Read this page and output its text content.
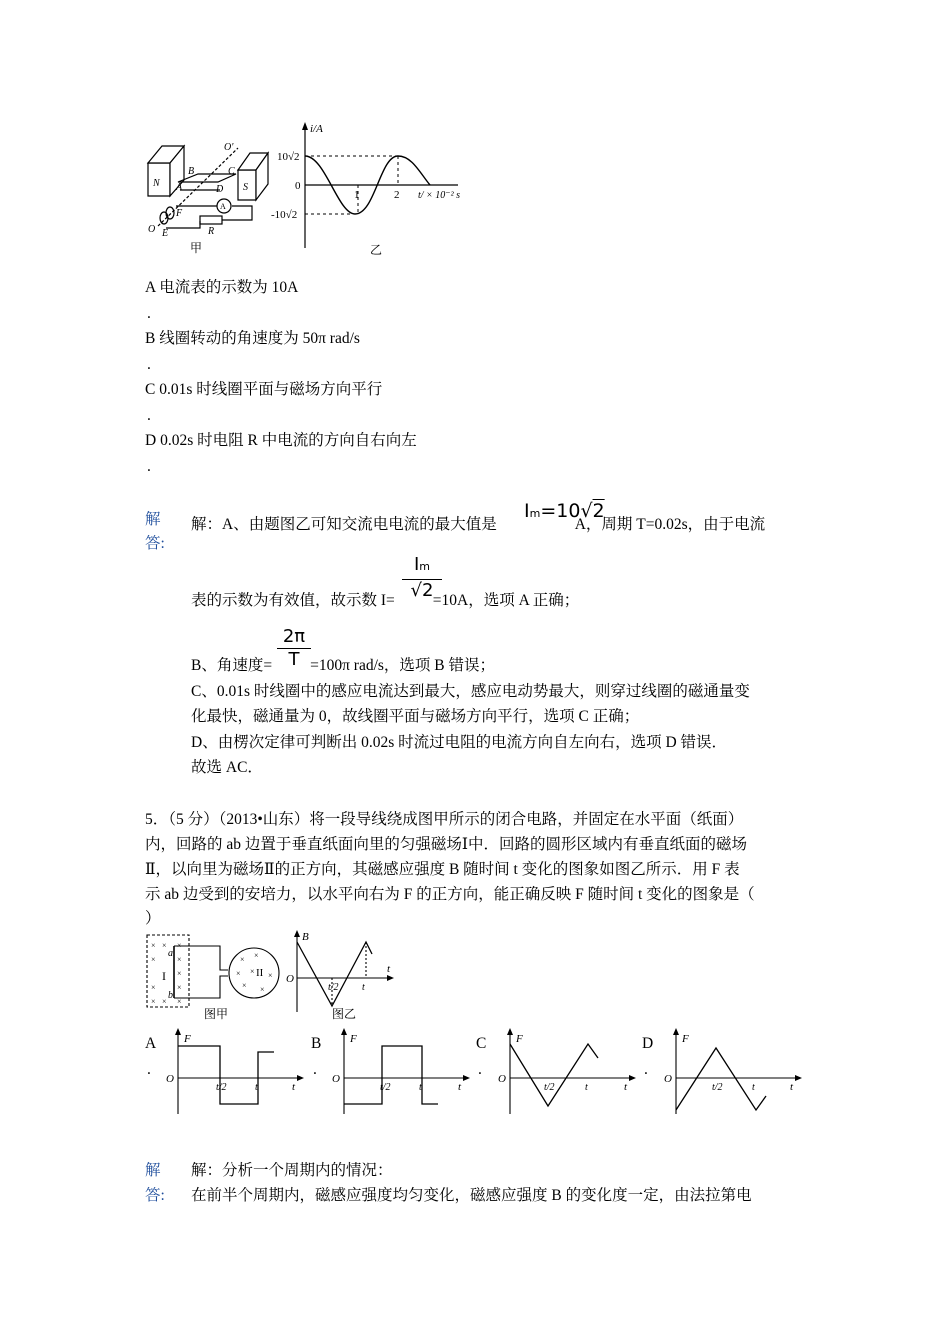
N	S
B
A
C
D
O'
F
E
O	R
A
甲
i/A
10√2
0
-10√2
1	2 t/ × 10⁻² s
乙
A 电流表的示数为 10A
.
B 线圈转动的角速度为 50π rad/s
.
C 0.01s 时线圈平面与磁场方向平行
.
D 0.02s 时电阻 R 中电流的方向自右向左
.
解
答:
解：A、由题图乙可知交流电电流的最大值是	A，周期 T=0.02s，由于电流
Im=10√2
表的示数为有效值，故示数 I= =10A，选项 A 正确；
$\frac{Im}{√2}$
B、角速度= =100π rad/s，选项 B 错误；
$\frac{2\pi}{T}$
C、0.01s 时线圈中的感应电流达到最大，感应电动势最大，则穿过线圈的磁通量变
化最快，磁通量为 0，故线圈平面与磁场方向平行，选项 C 正确；
D、由楞次定律可判断出 0.02s 时流过电阻的电流方向自左向右，选项 D 错误．
故选 AC．
5．（5 分）（2013•山东）将一段导线绕成图甲所示的闭合电路，并固定在水平面（纸面）
内，回路的 ab 边置于垂直纸面向里的匀强磁场Ⅰ中．回路的圆形区域内有垂直纸面的磁场
Ⅱ，以向里为磁场Ⅱ的正方向，其磁感应强度 B 随时间 t 变化的图象如图乙所示．用 F 表
示 ab 边受到的安培力，以水平向右为 F 的正方向，能正确反映 F 随时间 t 变化的图象是（
）
× × ×
×	×
×
×	×
× × ×
× ×
× ×
× ×
×
I	II
a
b
图甲
B
O
t
t/2 t
图乙
A
.
B
.
C
.
D
.
F
O
t/2	t	t
F
O
t/2	t	t
F
O
t/2	t	t
F
O
t/2	t	t
解
答:
解：分析一个周期内的情况：
在前半个周期内，磁感应强度均匀变化，磁感应强度 B 的变化度一定，由法拉第电
